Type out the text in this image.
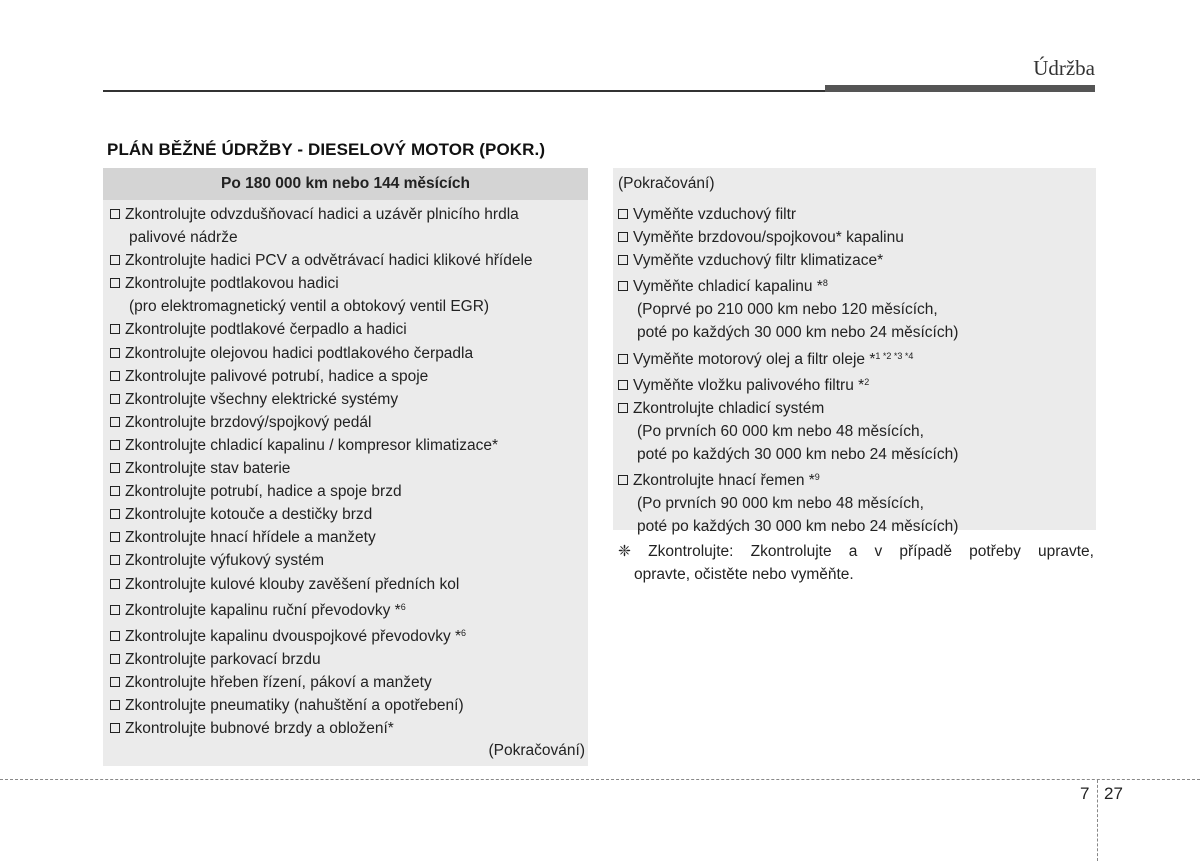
Údržba
PLÁN BĚŽNÉ ÚDRŽBY - DIESELOVÝ MOTOR (POKR.)
Po 180 000 km nebo 144 měsících
Zkontrolujte odvzdušňovací hadici a uzávěr plnicího hrdla
palivové nádrže
Zkontrolujte hadici PCV a odvětrávací hadici klikové hřídele
Zkontrolujte podtlakovou hadici
(pro elektromagnetický ventil a obtokový ventil EGR)
Zkontrolujte podtlakové čerpadlo a hadici
Zkontrolujte olejovou hadici podtlakového čerpadla
Zkontrolujte palivové potrubí, hadice a spoje
Zkontrolujte všechny elektrické systémy
Zkontrolujte brzdový/spojkový pedál
Zkontrolujte chladicí kapalinu / kompresor klimatizace*
Zkontrolujte stav baterie
Zkontrolujte potrubí, hadice a spoje brzd
Zkontrolujte kotouče a destičky brzd
Zkontrolujte hnací hřídele a manžety
Zkontrolujte výfukový systém
Zkontrolujte kulové klouby zavěšení předních kol
Zkontrolujte kapalinu ruční převodovky *$^6$
Zkontrolujte kapalinu dvouspojkové převodovky *$^6$
Zkontrolujte parkovací brzdu
Zkontrolujte hřeben řízení, pákoví a manžety
Zkontrolujte pneumatiky (nahuštění a opotřebení)
Zkontrolujte bubnové brzdy a obložení*
(Pokračování)
(Pokračování)
Vyměňte vzduchový filtr
Vyměňte brzdovou/spojkovou* kapalinu
Vyměňte vzduchový filtr klimatizace*
Vyměňte chladicí kapalinu *$^8$
(Poprvé po 210 000 km nebo 120 měsících,
poté po každých 30 000 km nebo 24 měsících)
Vyměňte motorový olej a filtr oleje *$^{1 *2 *3 *4}$
Vyměňte vložku palivového filtru *$^2$
Zkontrolujte chladicí systém
(Po prvních 60 000 km nebo 48 měsících,
poté po každých 30 000 km nebo 24 měsících)
Zkontrolujte hnací řemen *$^9$
(Po prvních 90 000 km nebo 48 měsících,
poté po každých 30 000 km nebo 24 měsících)
❈ Zkontrolujte: Zkontrolujte a v případě potřeby upravte,
opravte, očistěte nebo vyměňte.
7 27
